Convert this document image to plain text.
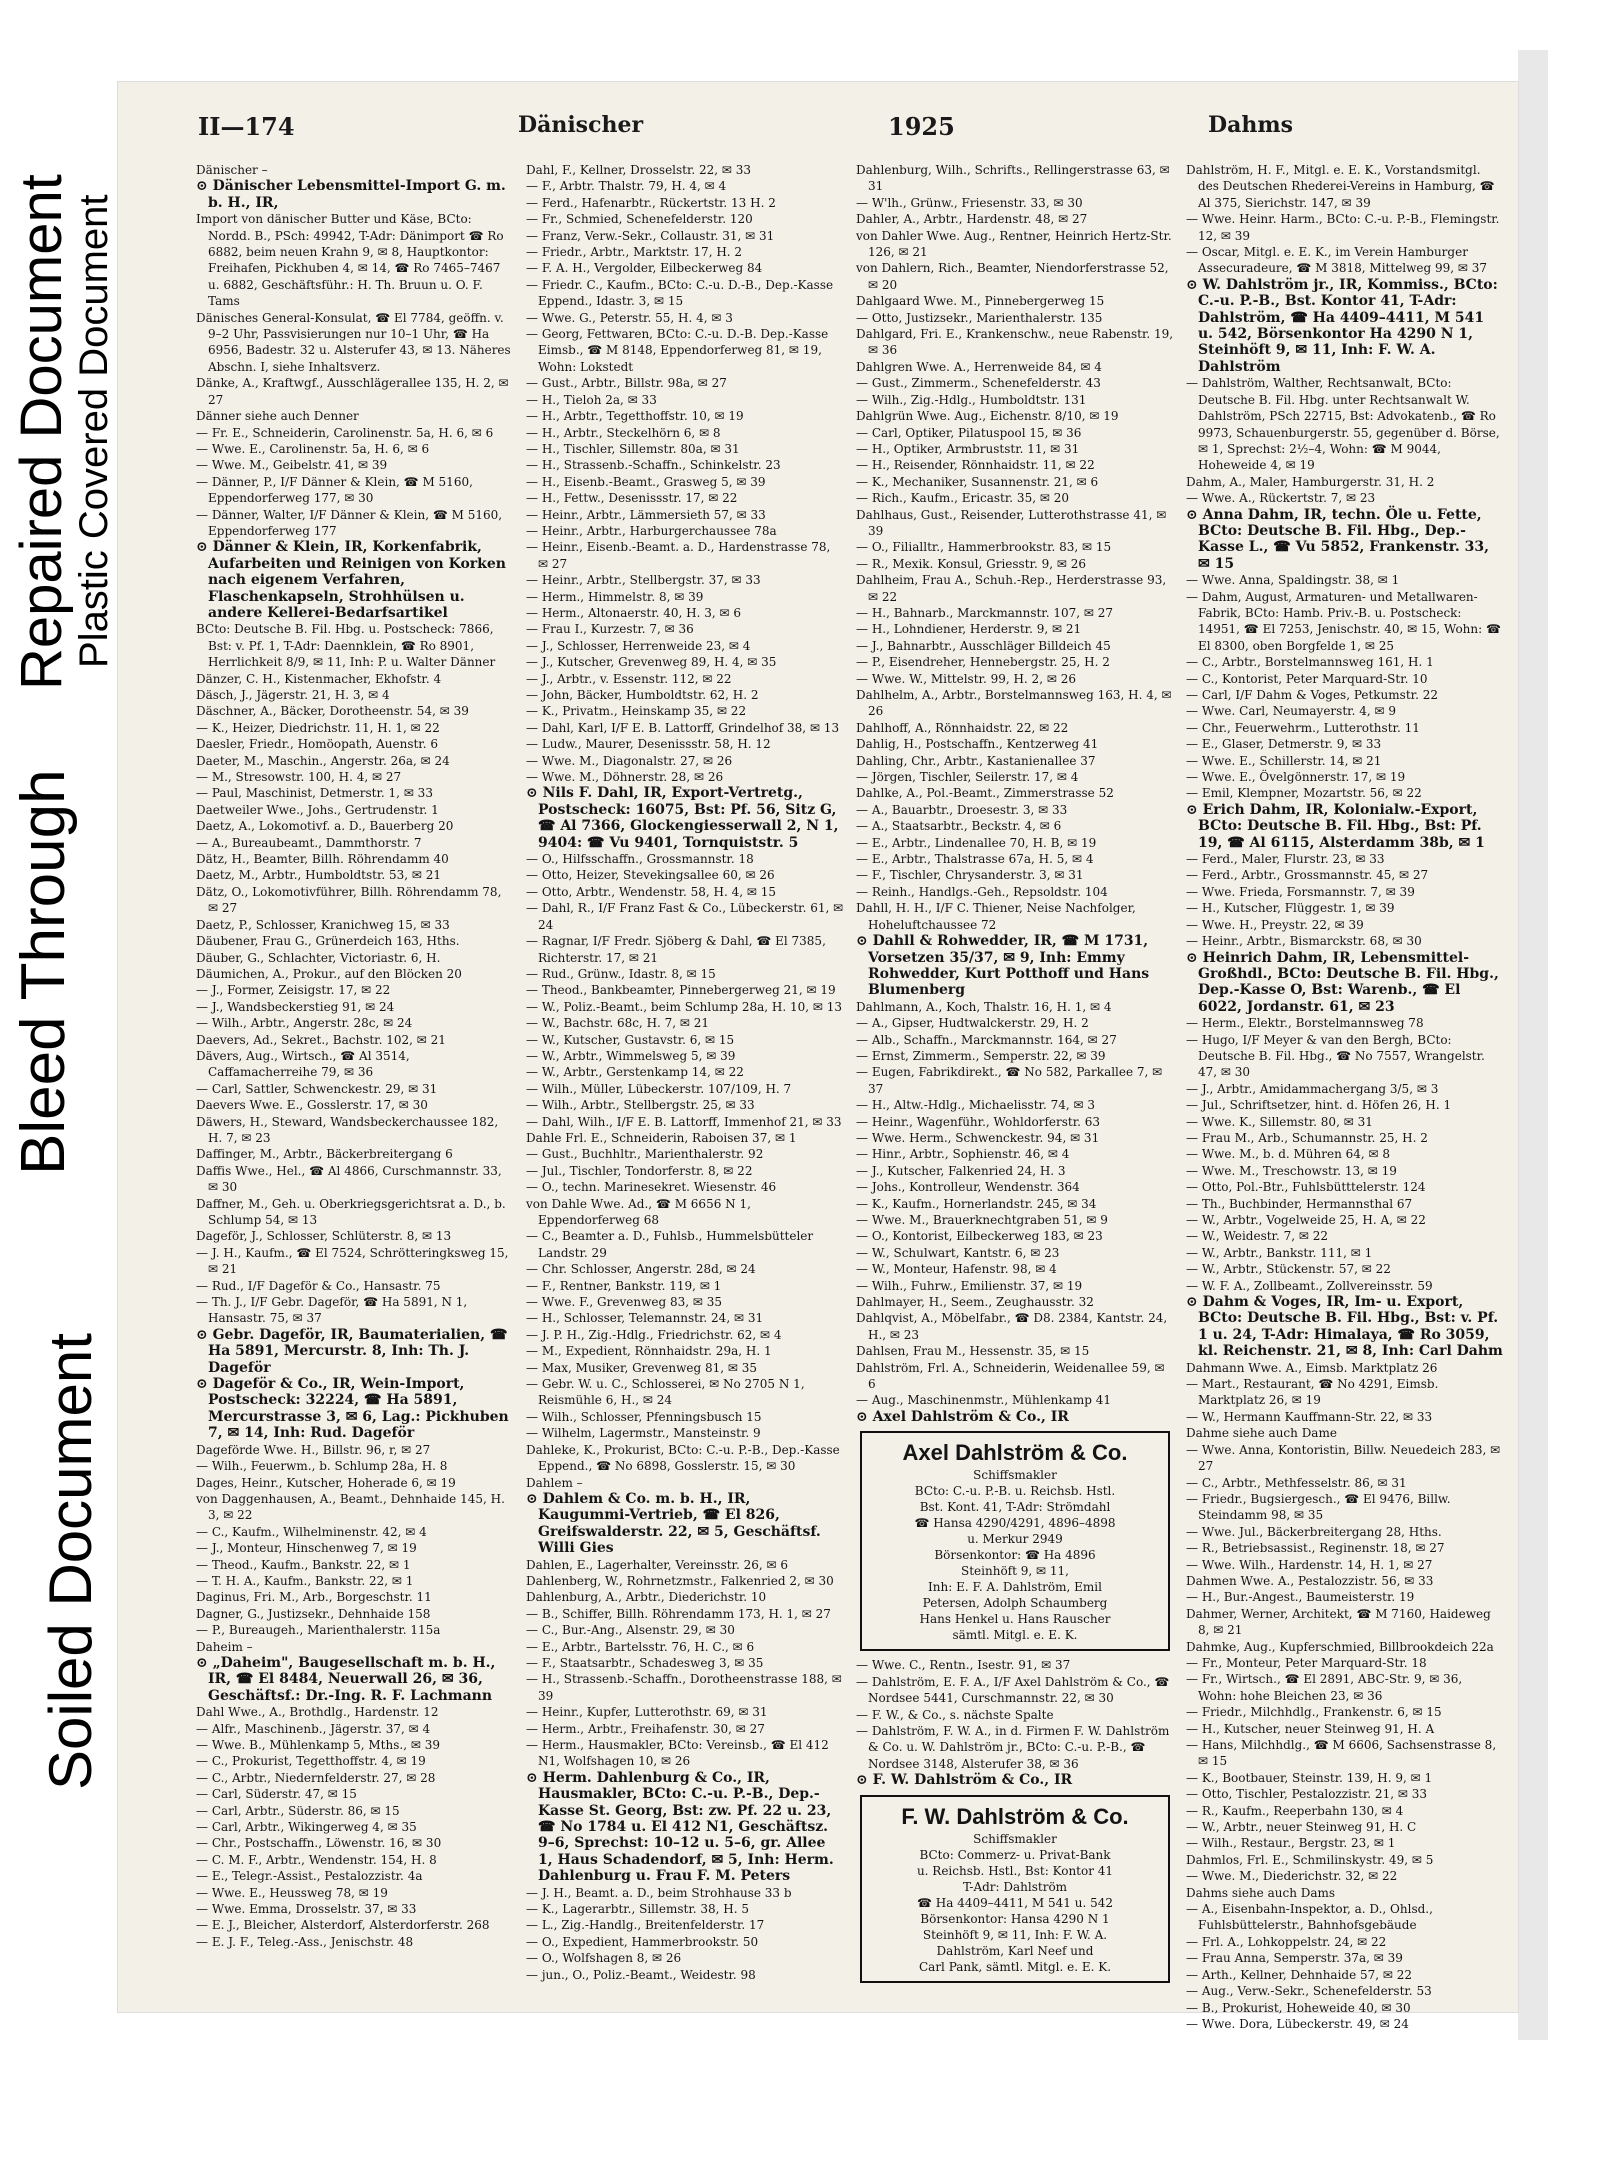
Repaired Document
Plastic Covered Document
Bleed Through
Soiled Document
II—174	Dänischer	1925	Dahms

Dänischer –

⊙ Dänischer Lebensmittel-Import G. m. b. H., IR,

Import von dänischer Butter und Käse, BCto: Nordd. B., PSch: 49942, T-Adr: Dänimport ☎ Ro 6882, beim neuen Krahn 9, ✉ 8, Hauptkontor: Freihafen, Pickhuben 4, ✉ 14, ☎ Ro 7465–7467 u. 6882, Geschäftsführ.: H. Th. Bruun u. O. F. Tams

Dänisches General-Konsulat, ☎ El 7784, geöffn. v. 9–2 Uhr, Passvisierungen nur 10–1 Uhr, ☎ Ha 6956, Badestr. 32 u. Alsterufer 43, ✉ 13. Näheres Abschn. I, siehe Inhaltsverz.

Dänke, A., Kraftwgf., Ausschlägerallee 135, H. 2, ✉ 27

Dänner siehe auch Denner

— Fr. E., Schneiderin, Carolinenstr. 5a, H. 6, ✉ 6

— Wwe. E., Carolinenstr. 5a, H. 6, ✉ 6

— Wwe. M., Geibelstr. 41, ✉ 39

— Dänner, P., I/F Dänner & Klein, ☎ M 5160, Eppendorferweg 177, ✉ 30

— Dänner, Walter, I/F Dänner & Klein, ☎ M 5160, Eppendorferweg 177

⊙ Dänner & Klein, IR, Korkenfabrik, Aufarbeiten und Reinigen von Korken nach eigenem Verfahren, Flaschenkapseln, Strohhülsen u. andere Kellerei-Bedarfsartikel

BCto: Deutsche B. Fil. Hbg. u. Postscheck: 7866, Bst: v. Pf. 1, T-Adr: Daennklein, ☎ Ro 8901, Herrlichkeit 8/9, ✉ 11, Inh: P. u. Walter Dänner

Dänzer, C. H., Kistenmacher, Ekhofstr. 4

Däsch, J., Jägerstr. 21, H. 3, ✉ 4

Däschner, A., Bäcker, Dorotheenstr. 54, ✉ 39

— K., Heizer, Diedrichstr. 11, H. 1, ✉ 22

Daesler, Friedr., Homöopath, Auenstr. 6

Daeter, M., Maschin., Angerstr. 26a, ✉ 24

— M., Stresowstr. 100, H. 4, ✉ 27

— Paul, Maschinist, Detmerstr. 1, ✉ 33

Daetweiler Wwe., Johs., Gertrudenstr. 1

Daetz, A., Lokomotivf. a. D., Bauerberg 20

— A., Bureaubeamt., Dammthorstr. 7

Dätz, H., Beamter, Billh. Röhrendamm 40

Daetz, M., Arbtr., Humboldtstr. 53, ✉ 21

Dätz, O., Lokomotivführer, Billh. Röhrendamm 78, ✉ 27

Daetz, P., Schlosser, Kranichweg 15, ✉ 33

Däubener, Frau G., Grünerdeich 163, Hths.

Däuber, G., Schlachter, Victoriastr. 6, H.

Däumichen, A., Prokur., auf den Blöcken 20

— J., Former, Zeisigstr. 17, ✉ 22

— J., Wandsbeckerstieg 91, ✉ 24

— Wilh., Arbtr., Angerstr. 28c, ✉ 24

Daevers, Ad., Sekret., Bachstr. 102, ✉ 21

Dävers, Aug., Wirtsch., ☎ Al 3514, Caffamacherreihe 79, ✉ 36

— Carl, Sattler, Schwenckestr. 29, ✉ 31

Daevers Wwe. E., Gosslerstr. 17, ✉ 30

Däwers, H., Steward, Wandsbeckerchaussee 182, H. 7, ✉ 23

Daffinger, M., Arbtr., Bäckerbreitergang 6

Daffis Wwe., Hel., ☎ Al 4866, Curschmannstr. 33, ✉ 30

Daffner, M., Geh. u. Oberkriegsgerichtsrat a. D., b. Schlump 54, ✉ 13

Dageför, J., Schlosser, Schlüterstr. 8, ✉ 13

— J. H., Kaufm., ☎ El 7524, Schrötteringksweg 15, ✉ 21

— Rud., I/F Dageför & Co., Hansastr. 75

— Th. J., I/F Gebr. Dageför, ☎ Ha 5891, N 1, Hansastr. 75, ✉ 37

⊙ Gebr. Dageför, IR, Baumaterialien, ☎ Ha 5891, Mercurstr. 8, Inh: Th. J. Dageför

⊙ Dageför & Co., IR, Wein-Import, Postscheck: 32224, ☎ Ha 5891, Mercurstrasse 3, ✉ 6, Lag.: Pickhuben 7, ✉ 14, Inh: Rud. Dageför

Dageförde Wwe. H., Billstr. 96, r, ✉ 27

— Wilh., Feuerwm., b. Schlump 28a, H. 8

Dages, Heinr., Kutscher, Hoherade 6, ✉ 19

von Daggenhausen, A., Beamt., Dehnhaide 145, H. 3, ✉ 22

— C., Kaufm., Wilhelminenstr. 42, ✉ 4

— J., Monteur, Hinschenweg 7, ✉ 19

— Theod., Kaufm., Bankstr. 22, ✉ 1

— T. H. A., Kaufm., Bankstr. 22, ✉ 1

Daginus, Fri. M., Arb., Borgeschstr. 11

Dagner, G., Justizsekr., Dehnhaide 158

— P., Bureaugeh., Marienthalerstr. 115a

Daheim –

⊙ „Daheim", Baugesellschaft m. b. H., IR, ☎ El 8484, Neuerwall 26, ✉ 36, Geschäftsf.: Dr.-Ing. R. F. Lachmann

Dahl Wwe., A., Brothdlg., Hardenstr. 12

— Alfr., Maschinenb., Jägerstr. 37, ✉ 4

— Wwe. B., Mühlenkamp 5, Mths., ✉ 39

— C., Prokurist, Tegetthoffstr. 4, ✉ 19

— C., Arbtr., Niedernfelderstr. 27, ✉ 28

— Carl, Süderstr. 47, ✉ 15

— Carl, Arbtr., Süderstr. 86, ✉ 15

— Carl, Arbtr., Wikingerweg 4, ✉ 35

— Chr., Postschaffn., Löwenstr. 16, ✉ 30

— C. M. F., Arbtr., Wendenstr. 154, H. 8

— E., Telegr.-Assist., Pestalozzistr. 4a

— Wwe. E., Heussweg 78, ✉ 19

— Wwe. Emma, Drosselstr. 37, ✉ 33

— E. J., Bleicher, Alsterdorf, Alsterdorferstr. 268

— E. J. F., Teleg.-Ass., Jenischstr. 48

Dahl, F., Kellner, Drosselstr. 22, ✉ 33

— F., Arbtr. Thalstr. 79, H. 4, ✉ 4

— Ferd., Hafenarbtr., Rückertstr. 13 H. 2

— Fr., Schmied, Schenefelderstr. 120

— Franz, Verw.-Sekr., Collaustr. 31, ✉ 31

— Friedr., Arbtr., Marktstr. 17, H. 2

— F. A. H., Vergolder, Eilbeckerweg 84

— Friedr. C., Kaufm., BCto: C.-u. D.-B., Dep.-Kasse Eppend., Idastr. 3, ✉ 15

— Wwe. G., Peterstr. 55, H. 4, ✉ 3

— Georg, Fettwaren, BCto: C.-u. D.-B. Dep.-Kasse Eimsb., ☎ M 8148, Eppendorferweg 81, ✉ 19, Wohn: Lokstedt

— Gust., Arbtr., Billstr. 98a, ✉ 27

— H., Tieloh 2a, ✉ 33

— H., Arbtr., Tegetthoffstr. 10, ✉ 19

— H., Arbtr., Steckelhörn 6, ✉ 8

— H., Tischler, Sillemstr. 80a, ✉ 31

— H., Strassenb.-Schaffn., Schinkelstr. 23

— H., Eisenb.-Beamt., Grasweg 5, ✉ 39

— H., Fettw., Desenissstr. 17, ✉ 22

— Heinr., Arbtr., Lämmersieth 57, ✉ 33

— Heinr., Arbtr., Harburgerchaussee 78a

— Heinr., Eisenb.-Beamt. a. D., Hardenstrasse 78, ✉ 27

— Heinr., Arbtr., Stellbergstr. 37, ✉ 33

— Herm., Himmelstr. 8, ✉ 39

— Herm., Altonaerstr. 40, H. 3, ✉ 6

— Frau I., Kurzestr. 7, ✉ 36

— J., Schlosser, Herrenweide 23, ✉ 4

— J., Kutscher, Grevenweg 89, H. 4, ✉ 35

— J., Arbtr., v. Essenstr. 112, ✉ 22

— John, Bäcker, Humboldtstr. 62, H. 2

— K., Privatm., Heinskamp 35, ✉ 22

— Dahl, Karl, I/F E. B. Lattorff, Grindelhof 38, ✉ 13

— Ludw., Maurer, Desenissstr. 58, H. 12

— Wwe. M., Diagonalstr. 27, ✉ 26

— Wwe. M., Döhnerstr. 28, ✉ 26

⊙ Nils F. Dahl, IR, Export-Vertretg., Postscheck: 16075, Bst: Pf. 56, Sitz G, ☎ Al 7366, Glockengiesserwall 2, N 1, 9404: ☎ Vu 9401, Tornquiststr. 5

— O., Hilfsschaffn., Grossmannstr. 18

— Otto, Heizer, Stevekingsallee 60, ✉ 26

— Otto, Arbtr., Wendenstr. 58, H. 4, ✉ 15

— Dahl, R., I/F Franz Fast & Co., Lübeckerstr. 61, ✉ 24

— Ragnar, I/F Fredr. Sjöberg & Dahl, ☎ El 7385, Richterstr. 17, ✉ 21

— Rud., Grünw., Idastr. 8, ✉ 15

— Theod., Bankbeamter, Pinnebergerweg 21, ✉ 19

— W., Poliz.-Beamt., beim Schlump 28a, H. 10, ✉ 13

— W., Bachstr. 68c, H. 7, ✉ 21

— W., Kutscher, Gustavstr. 6, ✉ 15

— W., Arbtr., Wimmelsweg 5, ✉ 39

— W., Arbtr., Gerstenkamp 14, ✉ 22

— Wilh., Müller, Lübeckerstr. 107/109, H. 7

— Wilh., Arbtr., Stellbergstr. 25, ✉ 33

— Dahl, Wilh., I/F E. B. Lattorff, Immenhof 21, ✉ 33

Dahle Frl. E., Schneiderin, Raboisen 37, ✉ 1

— Gust., Buchhltr., Marienthalerstr. 92

— Jul., Tischler, Tondorferstr. 8, ✉ 22

— O., techn. Marinesekret. Wiesenstr. 46

von Dahle Wwe. Ad., ☎ M 6656 N 1, Eppendorferweg 68

— C., Beamter a. D., Fuhlsb., Hummelsbütteler Landstr. 29

— Chr. Schlosser, Angerstr. 28d, ✉ 24

— F., Rentner, Bankstr. 119, ✉ 1

— Wwe. F., Grevenweg 83, ✉ 35

— H., Schlosser, Telemannstr. 24, ✉ 31

— J. P. H., Zig.-Hdlg., Friedrichstr. 62, ✉ 4

— M., Expedient, Rönnhaidstr. 29a, H. 1

— Max, Musiker, Grevenweg 81, ✉ 35

— Gebr. W. u. C., Schlosserei, ✉ No 2705 N 1, Reismühle 6, H., ✉ 24

— Wilh., Schlosser, Pfenningsbusch 15

— Wilhelm, Lagermstr., Mansteinstr. 9

Dahleke, K., Prokurist, BCto: C.-u. P.-B., Dep.-Kasse Eppend., ☎ No 6898, Gosslerstr. 15, ✉ 30

Dahlem –

⊙ Dahlem & Co. m. b. H., IR, Kaugummi-Vertrieb, ☎ El 826, Greifswalderstr. 22, ✉ 5, Geschäftsf. Willi Gies

Dahlen, E., Lagerhalter, Vereinsstr. 26, ✉ 6

Dahlenberg, W., Rohrnetzmstr., Falkenried 2, ✉ 30

Dahlenburg, A., Arbtr., Diederichstr. 10

— B., Schiffer, Billh. Röhrendamm 173, H. 1, ✉ 27

— C., Bur.-Ang., Alsenstr. 29, ✉ 30

— E., Arbtr., Bartelsstr. 76, H. C., ✉ 6

— F., Staatsarbtr., Schadesweg 3, ✉ 35

— H., Strassenb.-Schaffn., Dorotheenstrasse 188, ✉ 39

— Heinr., Kupfer, Lutterothstr. 69, ✉ 31

— Herm., Arbtr., Freihafenstr. 30, ✉ 27

— Herm., Hausmakler, BCto: Vereinsb., ☎ El 412 N1, Wolfshagen 10, ✉ 26

⊙ Herm. Dahlenburg & Co., IR, Hausmakler, BCto: C.-u. P.-B., Dep.-Kasse St. Georg, Bst: zw. Pf. 22 u. 23, ☎ No 1784 u. El 412 N1, Geschäftsz. 9–6, Sprechst: 10–12 u. 5–6, gr. Allee 1, Haus Schadendorf, ✉ 5, Inh: Herm. Dahlenburg u. Frau F. M. Peters

— J. H., Beamt. a. D., beim Strohhause 33 b

— K., Lagerarbtr., Sillemstr. 38, H. 5

— L., Zig.-Handlg., Breitenfelderstr. 17

— O., Expedient, Hammerbrookstr. 50

— O., Wolfshagen 8, ✉ 26

— jun., O., Poliz.-Beamt., Weidestr. 98

Dahlenburg, Wilh., Schrifts., Rellingerstrasse 63, ✉ 31

— W'lh., Grünw., Friesenstr. 33, ✉ 30

Dahler, A., Arbtr., Hardenstr. 48, ✉ 27

von Dahler Wwe. Aug., Rentner, Heinrich Hertz-Str. 126, ✉ 21

von Dahlern, Rich., Beamter, Niendorferstrasse 52, ✉ 20

Dahlgaard Wwe. M., Pinnebergerweg 15

— Otto, Justizsekr., Marienthalerstr. 135

Dahlgard, Fri. E., Krankenschw., neue Rabenstr. 19, ✉ 36

Dahlgren Wwe. A., Herrenweide 84, ✉ 4

— Gust., Zimmerm., Schenefelderstr. 43

— Wilh., Zig.-Hdlg., Humboldtstr. 131

Dahlgrün Wwe. Aug., Eichenstr. 8/10, ✉ 19

— Carl, Optiker, Pilatuspool 15, ✉ 36

— H., Optiker, Armbruststr. 11, ✉ 31

— H., Reisender, Rönnhaidstr. 11, ✉ 22

— K., Mechaniker, Susannenstr. 21, ✉ 6

— Rich., Kaufm., Ericastr. 35, ✉ 20

Dahlhaus, Gust., Reisender, Lutterothstrasse 41, ✉ 39

— O., Filialltr., Hammerbrookstr. 83, ✉ 15

— R., Mexik. Konsul, Griesstr. 9, ✉ 26

Dahlheim, Frau A., Schuh.-Rep., Herderstrasse 93, ✉ 22

— H., Bahnarb., Marckmannstr. 107, ✉ 27

— H., Lohndiener, Herderstr. 9, ✉ 21

— J., Bahnarbtr., Ausschläger Billdeich 45

— P., Eisendreher, Hennebergstr. 25, H. 2

— Wwe. W., Mittelstr. 99, H. 2, ✉ 26

Dahlhelm, A., Arbtr., Borstelmannsweg 163, H. 4, ✉ 26

Dahlhoff, A., Rönnhaidstr. 22, ✉ 22

Dahlig, H., Postschaffn., Kentzerweg 41

Dahling, Chr., Arbtr., Kastanienallee 37

— Jörgen, Tischler, Seilerstr. 17, ✉ 4

Dahlke, A., Pol.-Beamt., Zimmerstrasse 52

— A., Bauarbtr., Droesestr. 3, ✉ 33

— A., Staatsarbtr., Beckstr. 4, ✉ 6

— E., Arbtr., Lindenallee 70, H. B, ✉ 19

— E., Arbtr., Thalstrasse 67a, H. 5, ✉ 4

— F., Tischler, Chrysanderstr. 3, ✉ 31

— Reinh., Handlgs.-Geh., Repsoldstr. 104

Dahll, H. H., I/F C. Thiener, Neise Nachfolger, Hoheluftchaussee 72

⊙ Dahll & Rohwedder, IR, ☎ M 1731, Vorsetzen 35/37, ✉ 9, Inh: Emmy Rohwedder, Kurt Potthoff und Hans Blumenberg

Dahlmann, A., Koch, Thalstr. 16, H. 1, ✉ 4

— A., Gipser, Hudtwalckerstr. 29, H. 2

— Alb., Schaffn., Marckmannstr. 164, ✉ 27

— Ernst, Zimmerm., Semperstr. 22, ✉ 39

— Eugen, Fabrikdirekt., ☎ No 582, Parkallee 7, ✉ 37

— H., Altw.-Hdlg., Michaelisstr. 74, ✉ 3

— Heinr., Wagenführ., Wohldorferstr. 63

— Wwe. Herm., Schwenckestr. 94, ✉ 31

— Hinr., Arbtr., Sophienstr. 46, ✉ 4

— J., Kutscher, Falkenried 24, H. 3

— Johs., Kontrolleur, Wendenstr. 364

— K., Kaufm., Hornerlandstr. 245, ✉ 34

— Wwe. M., Brauerknechtgraben 51, ✉ 9

— O., Kontorist, Eilbeckerweg 183, ✉ 23

— W., Schulwart, Kantstr. 6, ✉ 23

— W., Monteur, Hafenstr. 98, ✉ 4

— Wilh., Fuhrw., Emilienstr. 37, ✉ 19

Dahlmayer, H., Seem., Zeughausstr. 32

Dahlqvist, A., Möbelfabr., ☎ D8. 2384, Kantstr. 24, H., ✉ 23

Dahlsen, Frau M., Hessenstr. 35, ✉ 15

Dahlström, Frl. A., Schneiderin, Weidenallee 59, ✉ 6

— Aug., Maschinenmstr., Mühlenkamp 41

⊙ Axel Dahlström & Co., IR

Axel Dahlström & Co.
Schiffsmakler
BCto: C.-u. P.-B. u. Reichsb. Hstl.
Bst. Kont. 41, T-Adr: Strömdahl
☎ Hansa 4290/4291, 4896–4898
u. Merkur 2949
Börsenkontor: ☎ Ha 4896
Steinhöft 9, ✉ 11,
Inh: E. F. A. Dahlström, Emil
Petersen, Adolph Schaumberg
Hans Henkel u. Hans Rauscher
sämtl. Mitgl. e. E. K.

— Wwe. C., Rentn., Isestr. 91, ✉ 37

— Dahlström, E. F. A., I/F Axel Dahlström & Co., ☎ Nordsee 5441, Curschmannstr. 22, ✉ 30

— F. W., & Co., s. nächste Spalte

— Dahlström, F. W. A., in d. Firmen F. W. Dahlström & Co. u. W. Dahlström jr., BCto: C.-u. P.-B., ☎ Nordsee 3148, Alsterufer 38, ✉ 36

⊙ F. W. Dahlström & Co., IR

F. W. Dahlström & Co.
Schiffsmakler
BCto: Commerz- u. Privat-Bank
u. Reichsb. Hstl., Bst: Kontor 41
T-Adr: Dahlström
☎ Ha 4409–4411, M 541 u. 542
Börsenkontor: Hansa 4290 N 1
Steinhöft 9, ✉ 11, Inh: F. W. A.
Dahlström, Karl Neef und
Carl Pank, sämtl. Mitgl. e. E. K.

Dahlström, H. F., Mitgl. e. E. K., Vorstandsmitgl. des Deutschen Rhederei-Vereins in Hamburg, ☎ Al 375, Sierichstr. 147, ✉ 39

— Wwe. Heinr. Harm., BCto: C.-u. P.-B., Flemingstr. 12, ✉ 39

— Oscar, Mitgl. e. E. K., im Verein Hamburger Assecuradeure, ☎ M 3818, Mittelweg 99, ✉ 37

⊙ W. Dahlström jr., IR, Kommiss., BCto: C.-u. P.-B., Bst. Kontor 41, T-Adr: Dahlström, ☎ Ha 4409–4411, M 541 u. 542, Börsenkontor Ha 4290 N 1, Steinhöft 9, ✉ 11, Inh: F. W. A. Dahlström

— Dahlström, Walther, Rechtsanwalt, BCto: Deutsche B. Fil. Hbg. unter Rechtsanwalt W. Dahlström, PSch 22715, Bst: Advokatenb., ☎ Ro 9973, Schauenburgerstr. 55, gegenüber d. Börse, ✉ 1, Sprechst: 2½–4, Wohn: ☎ M 9044, Hoheweide 4, ✉ 19

Dahm, A., Maler, Hamburgerstr. 31, H. 2

— Wwe. A., Rückertstr. 7, ✉ 23

⊙ Anna Dahm, IR, techn. Öle u. Fette, BCto: Deutsche B. Fil. Hbg., Dep.-Kasse L., ☎ Vu 5852, Frankenstr. 33, ✉ 15

— Wwe. Anna, Spaldingstr. 38, ✉ 1

— Dahm, August, Armaturen- und Metallwaren-Fabrik, BCto: Hamb. Priv.-B. u. Postscheck: 14951, ☎ El 7253, Jenischstr. 40, ✉ 15, Wohn: ☎ El 8300, oben Borgfelde 1, ✉ 25

— C., Arbtr., Borstelmannsweg 161, H. 1

— C., Kontorist, Peter Marquard-Str. 10

— Carl, I/F Dahm & Voges, Petkumstr. 22

— Wwe. Carl, Neumayerstr. 4, ✉ 9

— Chr., Feuerwehrm., Lutterothstr. 11

— E., Glaser, Detmerstr. 9, ✉ 33

— Wwe. E., Schillerstr. 14, ✉ 21

— Wwe. E., Övelgönnerstr. 17, ✉ 19

— Emil, Klempner, Mozartstr. 56, ✉ 22

⊙ Erich Dahm, IR, Kolonialw.-Export, BCto: Deutsche B. Fil. Hbg., Bst: Pf. 19, ☎ Al 6115, Alsterdamm 38b, ✉ 1

— Ferd., Maler, Flurstr. 23, ✉ 33

— Ferd., Arbtr., Grossmannstr. 45, ✉ 27

— Wwe. Frieda, Forsmannstr. 7, ✉ 39

— H., Kutscher, Flüggestr. 1, ✉ 39

— Wwe. H., Preystr. 22, ✉ 39

— Heinr., Arbtr., Bismarckstr. 68, ✉ 30

⊙ Heinrich Dahm, IR, Lebensmittel-Großhdl., BCto: Deutsche B. Fil. Hbg., Dep.-Kasse O, Bst: Warenb., ☎ El 6022, Jordanstr. 61, ✉ 23

— Herm., Elektr., Borstelmannsweg 78

— Hugo, I/F Meyer & van den Bergh, BCto: Deutsche B. Fil. Hbg., ☎ No 7557, Wrangelstr. 47, ✉ 30

— J., Arbtr., Amidammachergang 3/5, ✉ 3

— Jul., Schriftsetzer, hint. d. Höfen 26, H. 1

— Wwe. K., Sillemstr. 80, ✉ 31

— Frau M., Arb., Schumannstr. 25, H. 2

— Wwe. M., b. d. Mühren 64, ✉ 8

— Wwe. M., Treschowstr. 13, ✉ 19

— Otto, Pol.-Btr., Fuhlsbütttelerstr. 124

— Th., Buchbinder, Hermannsthal 67

— W., Arbtr., Vogelweide 25, H. A, ✉ 22

— W., Weidestr. 7, ✉ 22

— W., Arbtr., Bankstr. 111, ✉ 1

— W., Arbtr., Stückenstr. 57, ✉ 22

— W. F. A., Zollbeamt., Zollvereinsstr. 59

⊙ Dahm & Voges, IR, Im- u. Export, BCto: Deutsche B. Fil. Hbg., Bst: v. Pf. 1 u. 24, T-Adr: Himalaya, ☎ Ro 3059, kl. Reichenstr. 21, ✉ 8, Inh: Carl Dahm

Dahmann Wwe. A., Eimsb. Marktplatz 26

— Mart., Restaurant, ☎ No 4291, Eimsb. Marktplatz 26, ✉ 19

— W., Hermann Kauffmann-Str. 22, ✉ 33

Dahme siehe auch Dame

— Wwe. Anna, Kontoristin, Billw. Neuedeich 283, ✉ 27

— C., Arbtr., Methfesselstr. 86, ✉ 31

— Friedr., Bugsiergesch., ☎ El 9476, Billw. Steindamm 98, ✉ 35

— Wwe. Jul., Bäckerbreitergang 28, Hths.

— R., Betriebsassist., Reginenstr. 18, ✉ 27

— Wwe. Wilh., Hardenstr. 14, H. 1, ✉ 27

Dahmen Wwe. A., Pestalozzistr. 56, ✉ 33

— H., Bur.-Angest., Baumeisterstr. 19

Dahmer, Werner, Architekt, ☎ M 7160, Haideweg 8, ✉ 21

Dahmke, Aug., Kupferschmied, Billbrookdeich 22a

— Fr., Monteur, Peter Marquard-Str. 18

— Fr., Wirtsch., ☎ El 2891, ABC-Str. 9, ✉ 36, Wohn: hohe Bleichen 23, ✉ 36

— Friedr., Milchhdlg., Frankenstr. 6, ✉ 15

— H., Kutscher, neuer Steinweg 91, H. A

— Hans, Milchhdlg., ☎ M 6606, Sachsenstrasse 8, ✉ 15

— K., Bootbauer, Steinstr. 139, H. 9, ✉ 1

— Otto, Tischler, Pestalozzistr. 21, ✉ 33

— R., Kaufm., Reeperbahn 130, ✉ 4

— W., Arbtr., neuer Steinweg 91, H. C

— Wilh., Restaur., Bergstr. 23, ✉ 1

Dahmlos, Frl. E., Schmilinskystr. 49, ✉ 5

— Wwe. M., Diederichstr. 32, ✉ 22

Dahms siehe auch Dams

— A., Eisenbahn-Inspektor, a. D., Ohlsd., Fuhlsbüttelerstr., Bahnhofsgebäude

— Frl. A., Lohkoppelstr. 24, ✉ 22

— Frau Anna, Semperstr. 37a, ✉ 39

— Arth., Kellner, Dehnhaide 57, ✉ 22

— Aug., Verw.-Sekr., Schenefelderstr. 53

— B., Prokurist, Hoheweide 40, ✉ 30

— Wwe. Dora, Lübeckerstr. 49, ✉ 24
